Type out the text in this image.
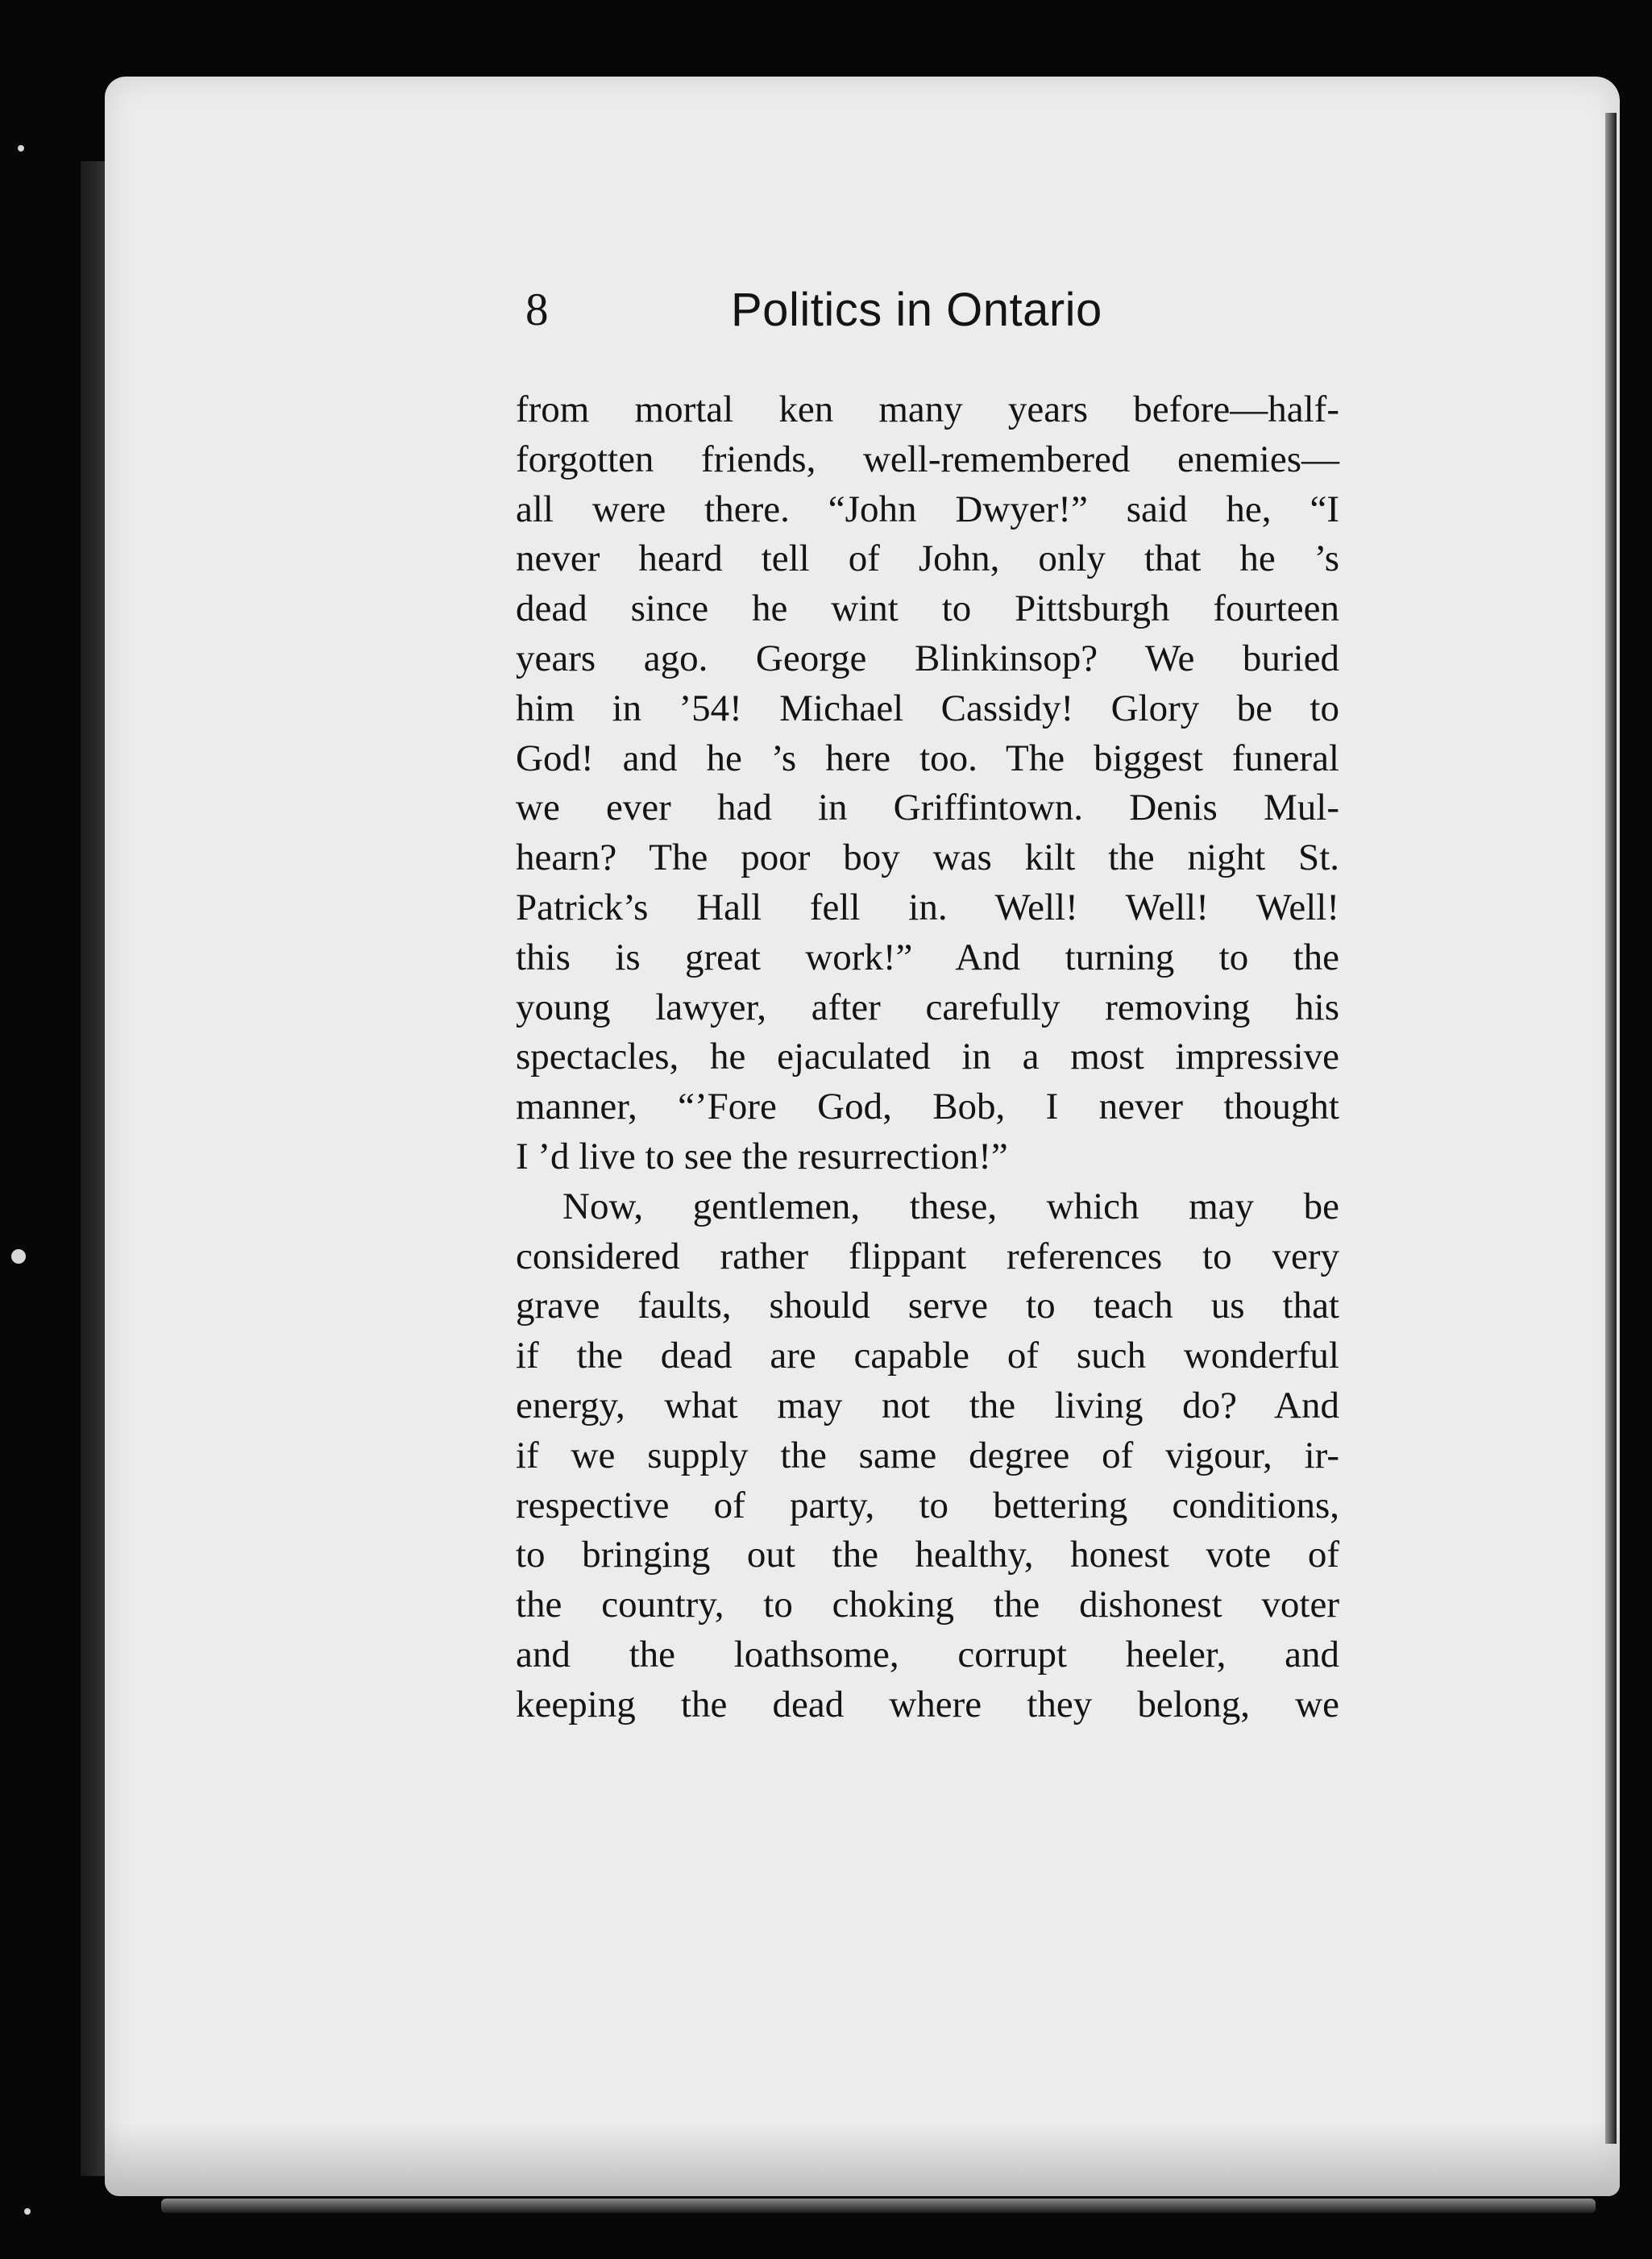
8	Politics in Ontario
from mortal ken many years before—half-
forgotten friends, well-remembered enemies—
all were there. “John Dwyer!” said he, “I
never heard tell of John, only that he ’s
dead since he wint to Pittsburgh fourteen
years ago. George Blinkinsop? We buried
him in ’54! Michael Cassidy! Glory be to
God! and he ’s here too. The biggest funeral
we ever had in Griffintown. Denis Mul-
hearn? The poor boy was kilt the night St.
Patrick’s Hall fell in. Well! Well! Well!
this is great work!” And turning to the
young lawyer, after carefully removing his
spectacles, he ejaculated in a most impressive
manner, “’Fore God, Bob, I never thought
I ’d live to see the resurrection!”
Now, gentlemen, these, which may be
considered rather flippant references to very
grave faults, should serve to teach us that
if the dead are capable of such wonderful
energy, what may not the living do? And
if we supply the same degree of vigour, ir-
respective of party, to bettering conditions,
to bringing out the healthy, honest vote of
the country, to choking the dishonest voter
and the loathsome, corrupt heeler, and
keeping the dead where they belong, we
